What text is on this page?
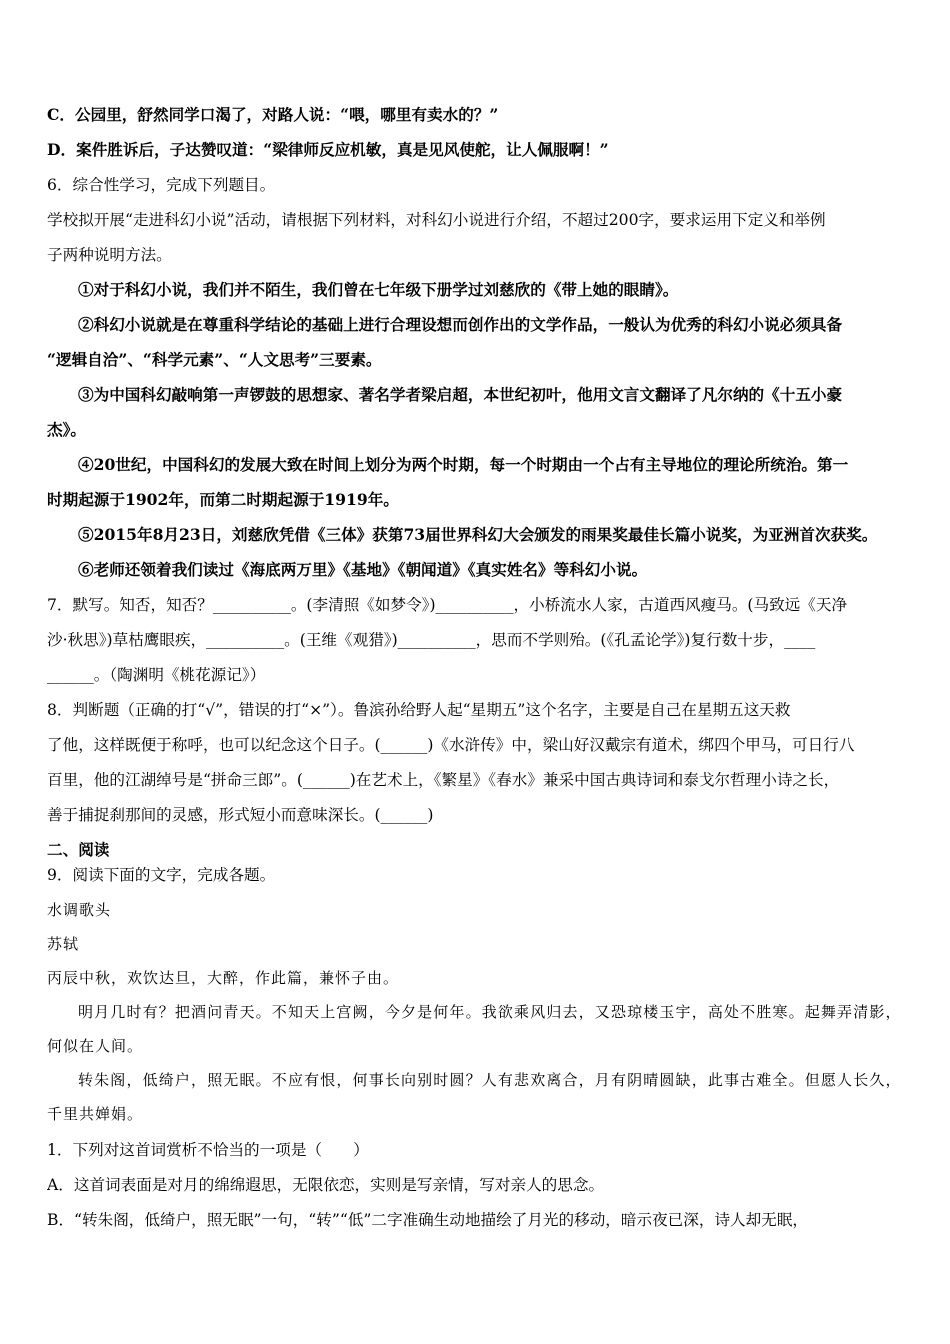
C．公园里，舒然同学口渴了，对路人说：“喂，哪里有卖水的？”
D．案件胜诉后，子达赞叹道：“梁律师反应机敏，真是见风使舵，让人佩服啊！”
6．综合性学习，完成下列题目。
学校拟开展“走进科幻小说”活动，请根据下列材料，对科幻小说进行介绍，不超过200字，要求运用下定义和举例
子两种说明方法。
①对于科幻小说，我们并不陌生，我们曾在七年级下册学过刘慈欣的《带上她的眼睛》。
②科幻小说就是在尊重科学结论的基础上进行合理设想而创作出的文学作品，一般认为优秀的科幻小说必须具备
“逻辑自洽”、“科学元素”、“人文思考”三要素。
③为中国科幻敲响第一声锣鼓的思想家、著名学者梁启超，本世纪初叶，他用文言文翻译了凡尔纳的《十五小豪
杰》。
④20世纪，中国科幻的发展大致在时间上划分为两个时期，每一个时期由一个占有主导地位的理论所统治。第一
时期起源于1902年，而第二时期起源于1919年。
⑤2015年8月23日，刘慈欣凭借《三体》获第73届世界科幻大会颁发的雨果奖最佳长篇小说奖，为亚洲首次获奖。
⑥老师还领着我们读过《海底两万里》《基地》《朝闻道》《真实姓名》等科幻小说。
7．默写。知否，知否？__________。(李清照《如梦令》)__________，小桥流水人家，古道西风瘦马。(马致远《天净
沙·秋思》)草枯鹰眼疾，__________。(王维《观猎》)__________，思而不学则殆。(《孔孟论学》)复行数十步，____
______。（陶渊明《桃花源记》）
8．判断题（正确的打“√”，错误的打“×”）。鲁滨孙给野人起“星期五”这个名字，主要是自己在星期五这天救
了他，这样既便于称呼，也可以纪念这个日子。(______)《水浒传》中，梁山好汉戴宗有道术，绑四个甲马，可日行八
百里，他的江湖绰号是“拼命三郎”。(______)在艺术上，《繁星》《春水》兼采中国古典诗词和泰戈尔哲理小诗之长，
善于捕捉刹那间的灵感，形式短小而意味深长。(______)
二、阅读
9．阅读下面的文字，完成各题。
水调歌头
苏轼
丙辰中秋，欢饮达旦，大醉，作此篇，兼怀子由。
明月几时有？把酒问青天。不知天上宫阙，今夕是何年。我欲乘风归去，又恐琼楼玉宇，高处不胜寒。起舞弄清影，
何似在人间。
转朱阁，低绮户，照无眠。不应有恨，何事长向别时圆？人有悲欢离合，月有阴晴圆缺，此事古难全。但愿人长久，
千里共婵娟。
1．下列对这首词赏析不恰当的一项是（　　）
A．这首词表面是对月的绵绵遐思，无限依恋，实则是写亲情，写对亲人的思念。
B．“转朱阁，低绮户，照无眠”一句，“转”“低”二字准确生动地描绘了月光的移动，暗示夜已深，诗人却无眠，
